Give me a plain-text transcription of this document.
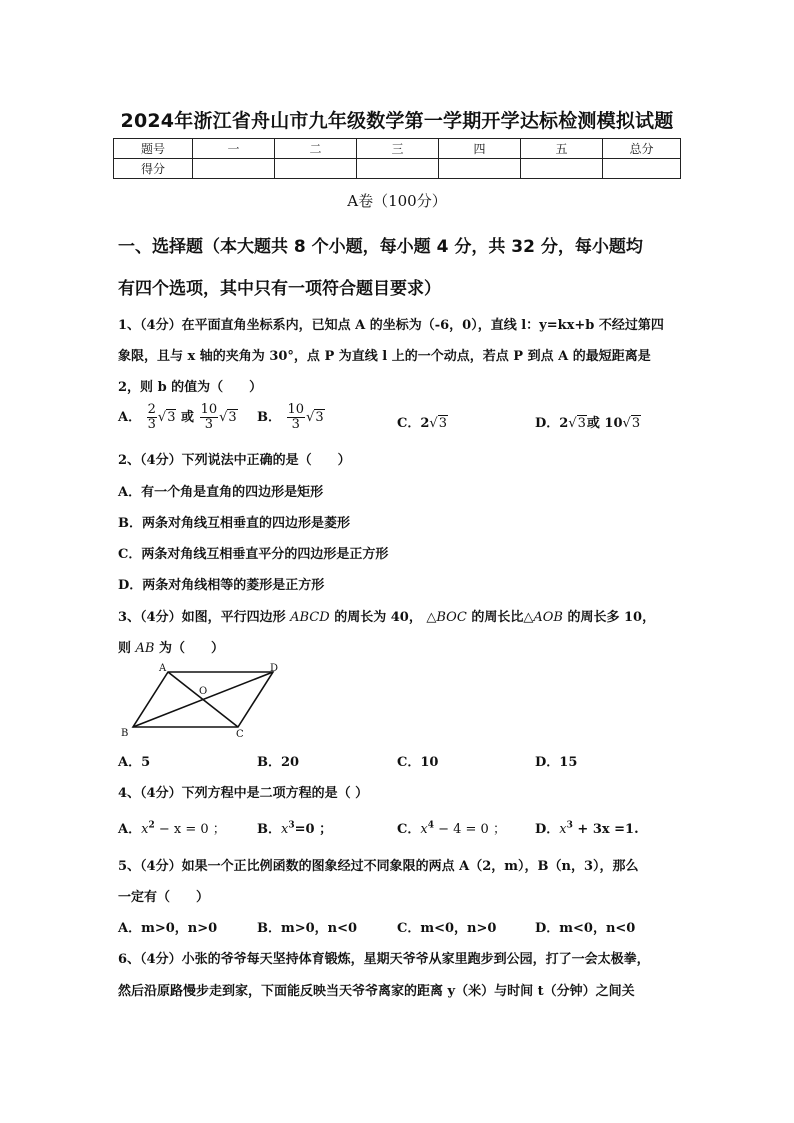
2024年浙江省舟山市九年级数学第一学期开学达标检测模拟试题
题号	一	二	三	四	五	总分
得分						
A卷（100分）
一、选择题（本大题共 8 个小题，每小题 4 分，共 32 分，每小题均
有四个选项，其中只有一项符合题目要求）
1、（4分）在平面直角坐标系内，已知点 A 的坐标为（-6，0），直线 l：y=kx+b 不经过第四
象限，且与 x 轴的夹角为 30°，点 P 为直线 l 上的一个动点，若点 P 到点 A 的最短距离是
2，则 b 的值为（　　）
A． $\frac{2}{3} √3$ 或 $\frac{10}{3} √3$ B． $\frac{10}{3} √3$	C．2√3	D．2√3或 10√3
2、（4分）下列说法中正确的是（　　）
A．有一个角是直角的四边形是矩形
B．两条对角线互相垂直的四边形是菱形
C．两条对角线互相垂直平分的四边形是正方形
D．两条对角线相等的菱形是正方形
3、（4分）如图，平行四边形 ABCD 的周长为 40， △BOC 的周长比△AOB 的周长多 10，
则 AB 为（　　）
A	D
B	C
O
A．5	B．20	C．10	D．15
4、（4分）下列方程中是二项方程的是（ ）
A．$x^2 - x = 0$ ； B．$x^3=0$ ；	C．$x^4 - 4 = 0$ ； D．$x^3 + 3x =1$.
5、（4分）如果一个正比例函数的图象经过不同象限的两点 A（2，m），B（n，3），那么
一定有（　　）
A．m>0，n>0	B．m>0，n<0	C．m<0，n>0	D．m<0，n<0
6、（4分）小张的爷爷每天坚持体育锻炼，星期天爷爷从家里跑步到公园，打了一会太极拳，
然后沿原路慢步走到家，下面能反映当天爷爷离家的距离 y（米）与时间 t（分钟）之间关
